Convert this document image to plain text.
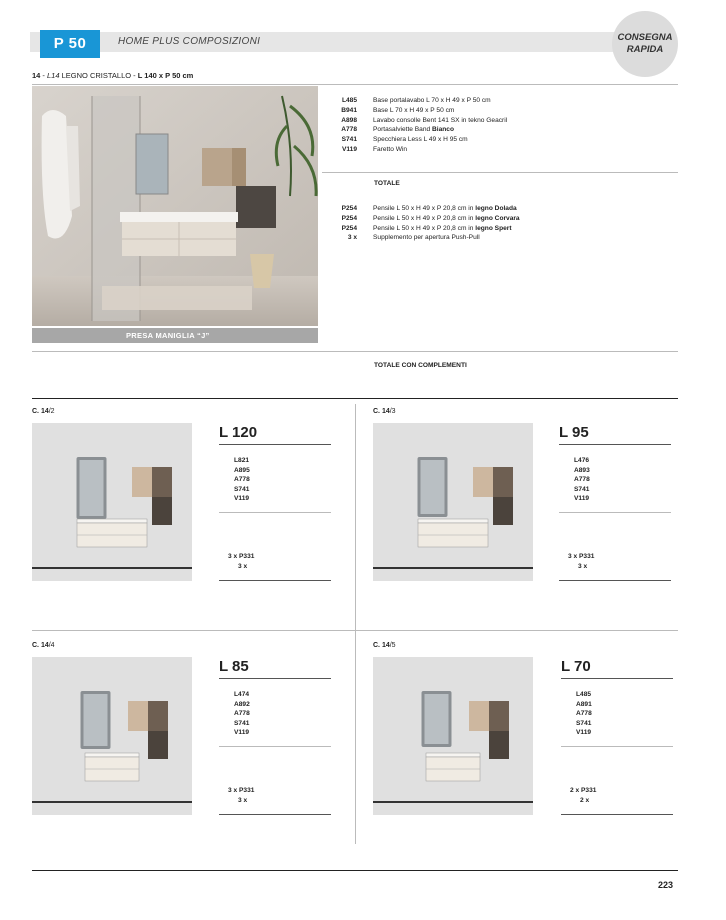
P 50	HOME PLUS COMPOSIZIONI	CONSEGNA
RAPIDA
14 - L14 LEGNO CRISTALLO - L 140 x P 50 cm
PRESA MANIGLIA “J”
L485 Base portalavabo L 70 x H 49 x P 50 cm
B941 Base L 70 x H 49 x P 50 cm
A898 Lavabo consolle Bent 141 SX in tekno Geacril
A778 Portasalviette Band Bianco
S741 Specchiera Less L 49 x H 95 cm
V119 Faretto Win
TOTALE
P254 Pensile L 50 x H 49 x P 20,8 cm in legno Dolada
P254 Pensile L 50 x H 49 x P 20,8 cm in legno Corvara
P254 Pensile L 50 x H 49 x P 20,8 cm in legno Spert
3 x Supplemento per apertura Push-Pull
TOTALE CON COMPLEMENTI
C. 14/2
L 120
L821
A895
A778
S741
V119
3 x P331
3 x
C. 14/3
L 95
L476
A893
A778
S741
V119
3 x P331
3 x
C. 14/4
L 85
L474
A892
A778
S741
V119
3 x P331
3 x
C. 14/5
L 70
L485
A891
A778
S741
V119
2 x P331
2 x
223
